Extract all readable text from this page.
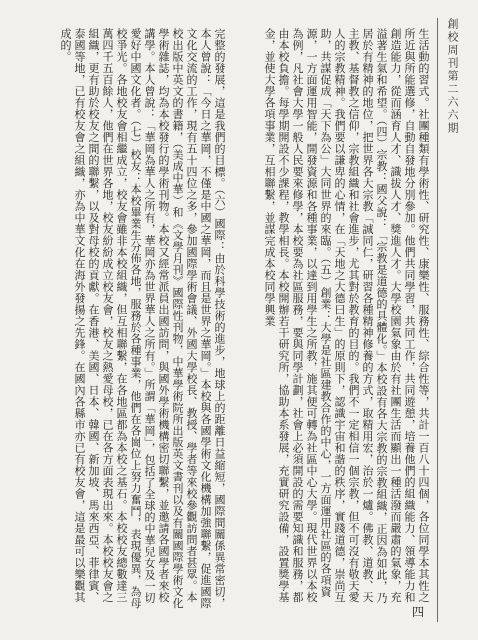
創校周刊第二六六期
生活動的習式。社團種類有學術性、研究性、康樂性、服務性、綜合性等，共計一百八十四個，各位同學本其性之所近與所能選修，自動自發地分別參加。他們共同學習，共同工作，共同遊憩，培養他們的組織能力、領導能力和創造能力，從而涵育人才、識拔人才、獎進人才。大學校園氣象由於有社團生活而顯出一種活潑而嚴肅的氣象，充溢著生氣和希望。（四）宗教：國父說：「宗教是道德的具體化。」本校設有各大宗教的宗教組織，正因為如此，乃居於有精神的地位，把世界各大宗教「誠同仁，研習各種精神修養的方式，取精用宏，治於一爐。佛教、道教、天主教、基督教之信仰，宗教組織和社會進步，尤其對於教育的目的。我們不一定相信一個宗教，但不可沒有敬天愛人的宗教精神。我們要以謙卑的心情，在「天地之大德曰生」的原則下，認識宇宙和諧的秩序，實踐道德，崇尚互助，共謀促成「天下為公」大同世界的來臨。（五）創業：大學是社區建教合作的中心，一方面運用社區的各項資源，一方面運用智能，開發資源和各種事業，以達到用學生之所教，施其便可轉為社區中心大學。現代世界以本校為例，凡社會大學一般人民要來修學，本校要為社區服務，要與同學計劃，社會上必須開設的需要知識和服務，都由本校負擔。每學期開設不少課程，教學相長。本校開辦若干研究所，協助本系發展，充實研究設備，設置獎學基金，並使大學各項事業，互相聯繫，並謀完成本校同學興業
完整的發展，這是我們的目標。（六）國際：由於科學技術的進步，地球上的距離日益縮短，國際間關係異常密切，本人曾說：「今日之華岡，不僅是中國之華岡，而且是世界之華岡。」本校與各國學術文化機構加強聯繫，促進國際文化交流的工作，現有五十四位之多，參加國際學術會議、外國大學校長、教授、學者等來校參觀訪問者甚眾。本校出版中英文的書籍，（美成中華）和《文學月刊》國際性刊物，中華學術院所出版英文書刊以及有關國際學術文化學術雜誌，均為本校發行的學術刊物。本校又經常派員出國訪問，與國外學術機構密切聯繫，並邀請各國學者來校講學。本人曾說：「華岡為華人之所有，華岡亦為世界華人之所有。」所謂「華岡」，包括了全球的中華兒女及一切愛好中國文化者。（七）校友：本校畢業生分佈各地，服務於各種事業，他們在各崗位上努力奮鬥，表現優異，為母校爭光。各地校友會相繼成立，校友會雖非本校組織，但互相聯繫，在各地區都為本校之基石。本校校友總數達三萬四千五百餘人，他們在世界各地，校友紛紛成立校友會，校友之熱愛母校，已在各方面表現出來。本校校友會之組織，更有助於校友之間的聯繫，以及對母校的貢獻。在香港、美國、日本、韓國、新加坡、馬來西亞、菲律賓、泰國等地，已有校友會之組織，亦為中華文化在海外發揚之先鋒。在國內各縣市亦已有校友會，這是最可以樂觀其成的。
四
